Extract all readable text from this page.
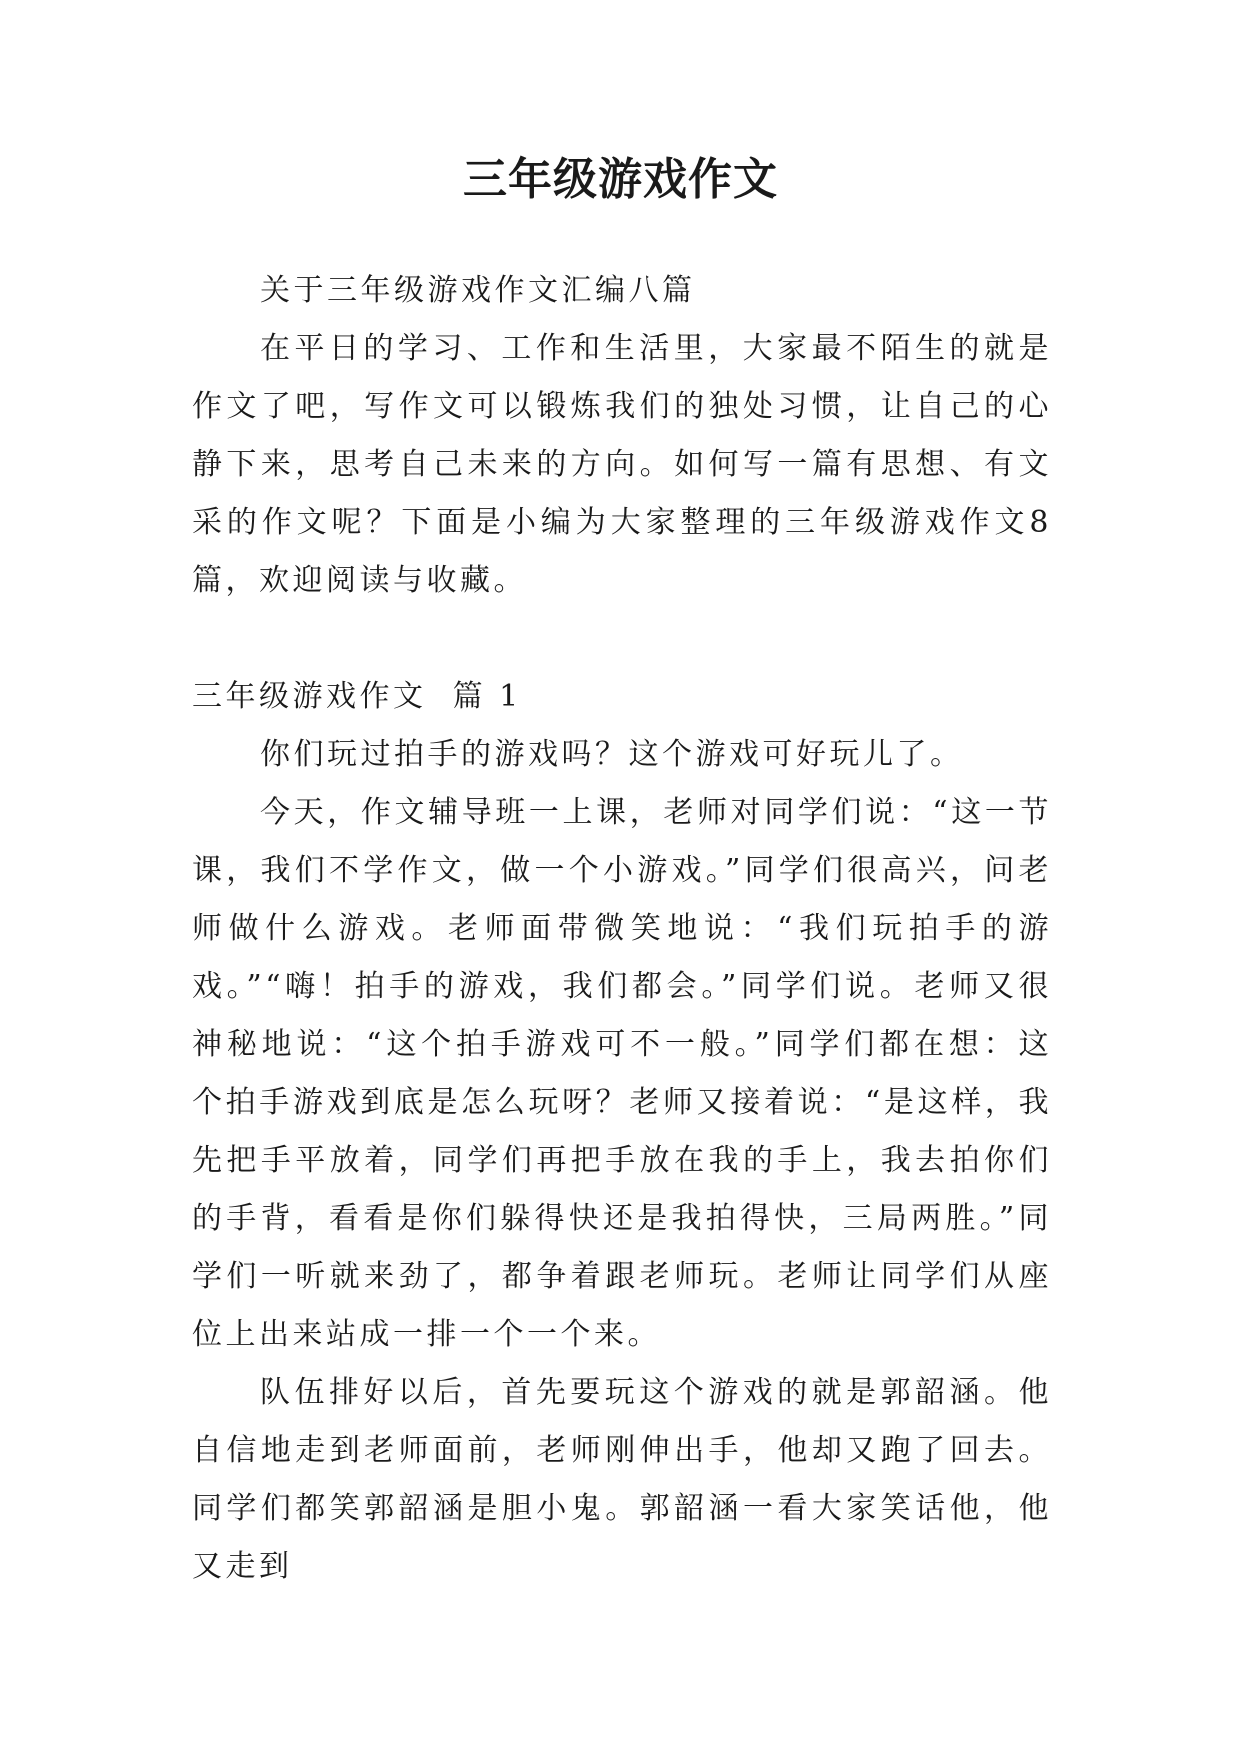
三年级游戏作文

关于三年级游戏作文汇编八篇

在平日的学习、工作和生活里，大家最不陌生的就是作文了吧，写作文可以锻炼我们的独处习惯，让自己的心静下来，思考自己未来的方向。如何写一篇有思想、有文采的作文呢？下面是小编为大家整理的三年级游戏作文8篇，欢迎阅读与收藏。

三年级游戏作文  篇 1

你们玩过拍手的游戏吗？这个游戏可好玩儿了。

今天，作文辅导班一上课，老师对同学们说：“这一节课，我们不学作文，做一个小游戏。”同学们很高兴，问老师做什么游戏。老师面带微笑地说：“我们玩拍手的游戏。”“嗨！拍手的游戏，我们都会。”同学们说。老师又很神秘地说：“这个拍手游戏可不一般。”同学们都在想：这个拍手游戏到底是怎么玩呀？老师又接着说：“是这样，我先把手平放着，同学们再把手放在我的手上，我去拍你们的手背，看看是你们躲得快还是我拍得快，三局两胜。”同学们一听就来劲了，都争着跟老师玩。老师让同学们从座位上出来站成一排一个一个来。

队伍排好以后，首先要玩这个游戏的就是郭韶涵。他自信地走到老师面前，老师刚伸出手，他却又跑了回去。同学们都笑郭韶涵是胆小鬼。郭韶涵一看大家笑话他，他又走到
